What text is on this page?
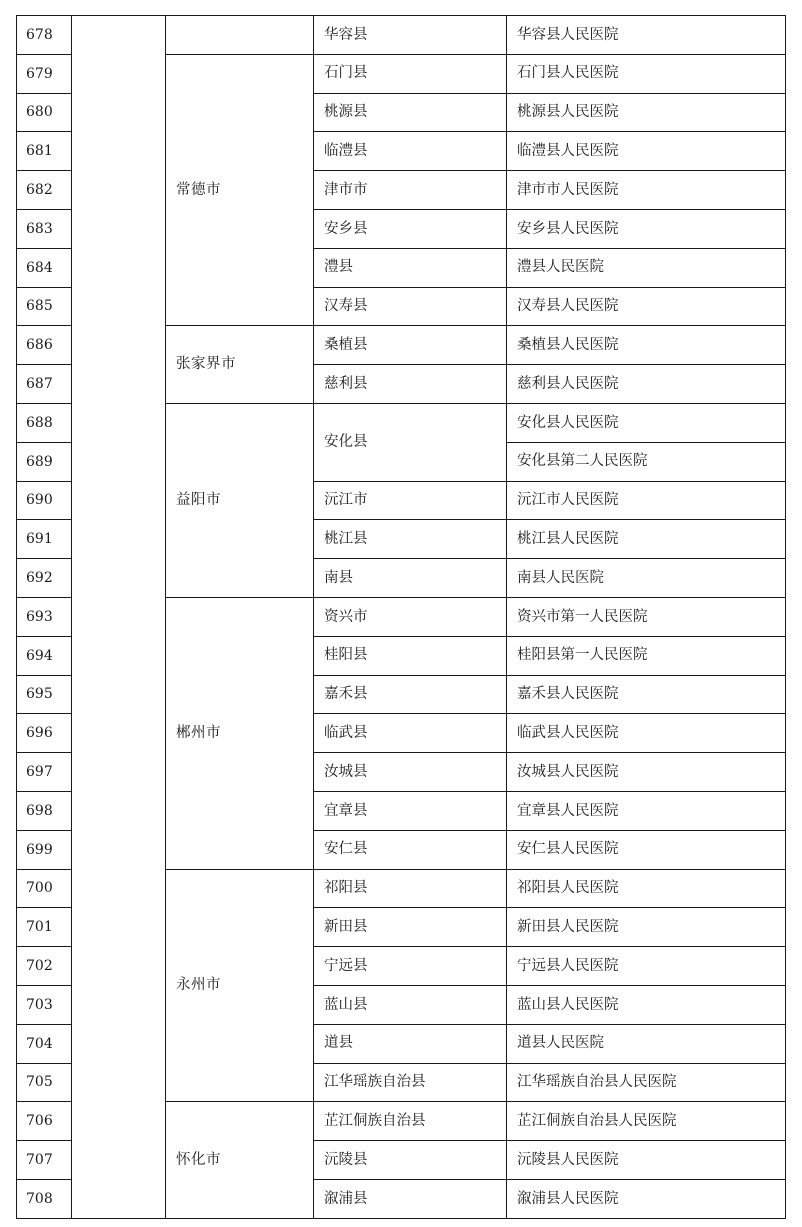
678			华容县	华容县人民医院
679		常德市	石门县	石门县人民医院
680			桃源县	桃源县人民医院
681			临澧县	临澧县人民医院
682			津市市	津市市人民医院
683			安乡县	安乡县人民医院
684			澧县	澧县人民医院
685			汉寿县	汉寿县人民医院
686		张家界市	桑植县	桑植县人民医院
687			慈利县	慈利县人民医院
688		益阳市	安化县	安化县人民医院
689				安化县第二人民医院
690			沅江市	沅江市人民医院
691			桃江县	桃江县人民医院
692			南县	南县人民医院
693		郴州市	资兴市	资兴市第一人民医院
694			桂阳县	桂阳县第一人民医院
695			嘉禾县	嘉禾县人民医院
696			临武县	临武县人民医院
697			汝城县	汝城县人民医院
698			宜章县	宜章县人民医院
699			安仁县	安仁县人民医院
700		永州市	祁阳县	祁阳县人民医院
701			新田县	新田县人民医院
702			宁远县	宁远县人民医院
703			蓝山县	蓝山县人民医院
704			道县	道县人民医院
705			江华瑶族自治县	江华瑶族自治县人民医院
706		怀化市	芷江侗族自治县	芷江侗族自治县人民医院
707			沅陵县	沅陵县人民医院
708			溆浦县	溆浦县人民医院
